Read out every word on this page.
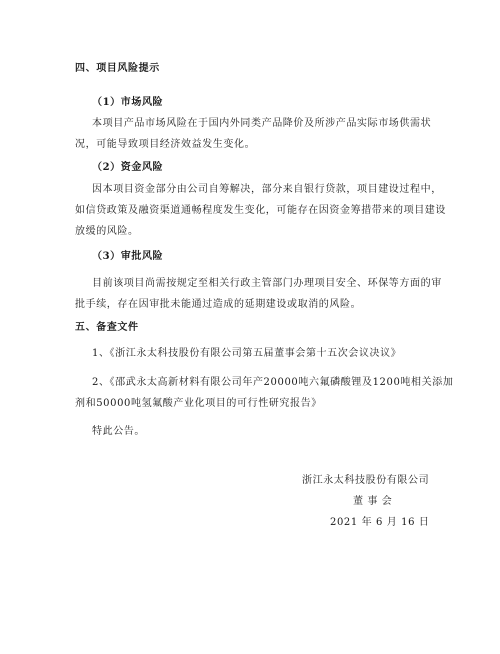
四、项目风险提示
（1）市场风险
本项目产品市场风险在于国内外同类产品降价及所涉产品实际市场供需状
况，可能导致项目经济效益发生变化。
（2）资金风险
因本项目资金部分由公司自筹解决，部分来自银行贷款，项目建设过程中，
如信贷政策及融资渠道通畅程度发生变化，可能存在因资金筹措带来的项目建设
放缓的风险。
（3）审批风险
目前该项目尚需按规定至相关行政主管部门办理项目安全、环保等方面的审
批手续，存在因审批未能通过造成的延期建设或取消的风险。
五、备查文件
1、《浙江永太科技股份有限公司第五届董事会第十五次会议决议》
2、《邵武永太高新材料有限公司年产20000吨六氟磷酸锂及1200吨相关添加
剂和50000吨氢氟酸产业化项目的可行性研究报告》
特此公告。
浙江永太科技股份有限公司
董 事 会
2021 年 6 月 16 日
